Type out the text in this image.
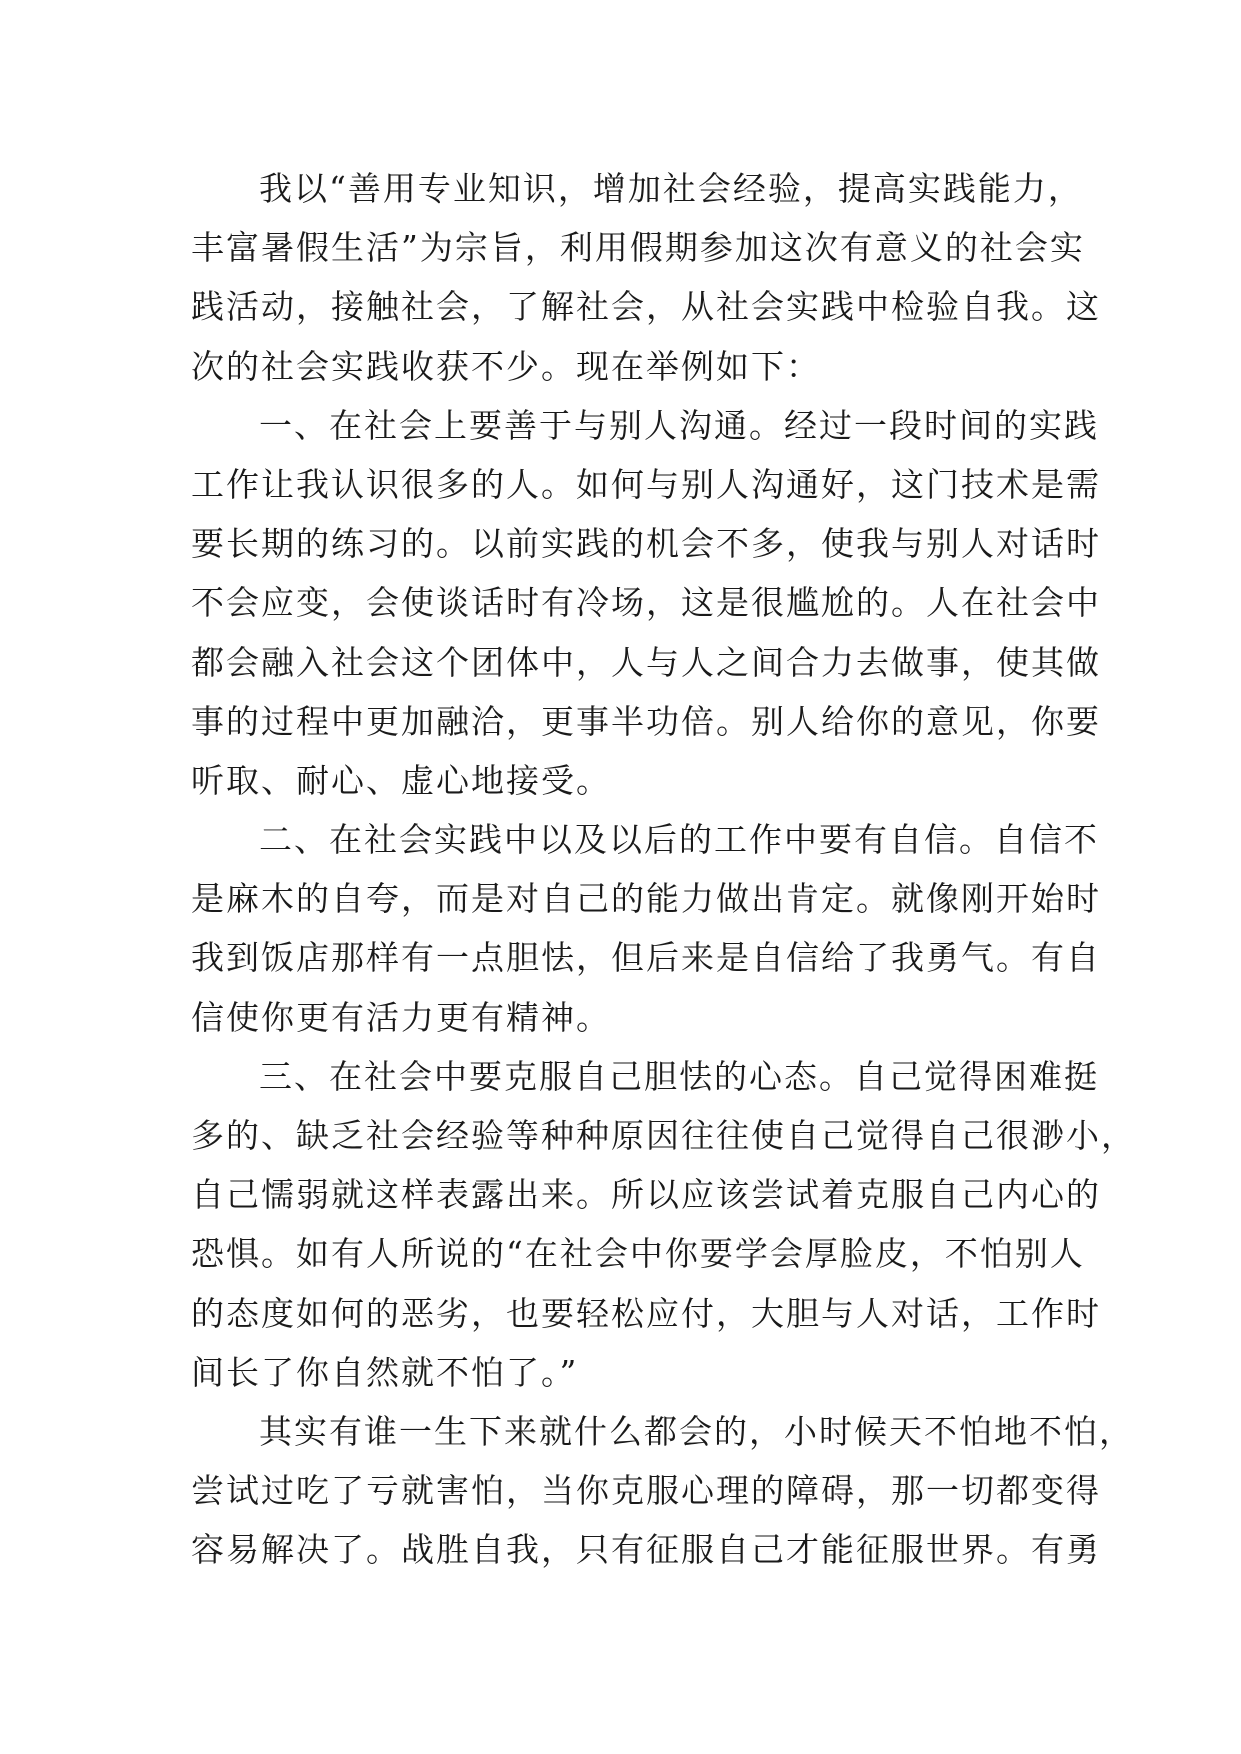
我以“善用专业知识，增加社会经验，提高实践能力，
丰富暑假生活”为宗旨，利用假期参加这次有意义的社会实
践活动，接触社会，了解社会，从社会实践中检验自我。这
次的社会实践收获不少。现在举例如下：
一、在社会上要善于与别人沟通。经过一段时间的实践
工作让我认识很多的人。如何与别人沟通好，这门技术是需
要长期的练习的。以前实践的机会不多，使我与别人对话时
不会应变，会使谈话时有冷场，这是很尴尬的。人在社会中
都会融入社会这个团体中，人与人之间合力去做事，使其做
事的过程中更加融洽，更事半功倍。别人给你的意见，你要
听取、耐心、虚心地接受。
二、在社会实践中以及以后的工作中要有自信。自信不
是麻木的自夸，而是对自己的能力做出肯定。就像刚开始时
我到饭店那样有一点胆怯，但后来是自信给了我勇气。有自
信使你更有活力更有精神。
三、在社会中要克服自己胆怯的心态。自己觉得困难挺
多的、缺乏社会经验等种种原因往往使自己觉得自己很渺小，
自己懦弱就这样表露出来。所以应该尝试着克服自己内心的
恐惧。如有人所说的“在社会中你要学会厚脸皮，不怕别人
的态度如何的恶劣，也要轻松应付，大胆与人对话，工作时
间长了你自然就不怕了。”
其实有谁一生下来就什么都会的，小时候天不怕地不怕，
尝试过吃了亏就害怕，当你克服心理的障碍，那一切都变得
容易解决了。战胜自我，只有征服自己才能征服世界。有勇
